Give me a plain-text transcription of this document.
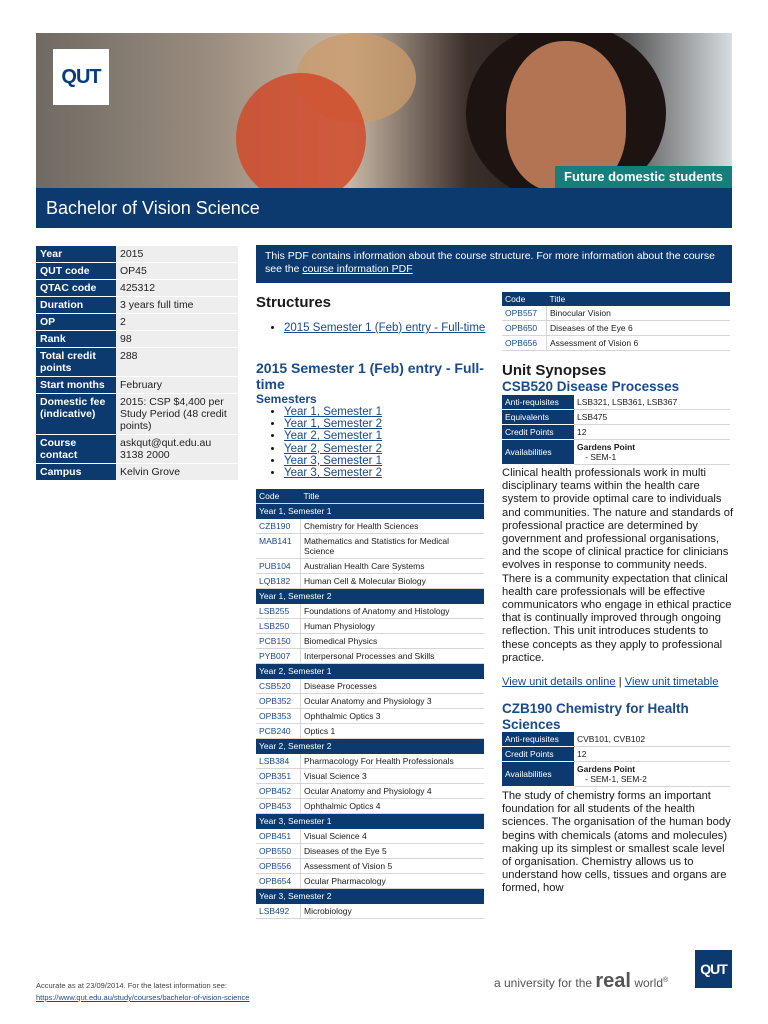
QUT
Future domestic students
Bachelor of Vision Science
Year	2015
QUT code	OP45
QTAC code	425312
Duration	3 years full time
OP	2
Rank	98
Total credit points	288
Start months	February
Domestic fee (indicative)	2015: CSP $4,400 per Study Period (48 credit points)
Course contact	askqut@qut.edu.au 3138 2000
Campus	Kelvin Grove
This PDF contains information about the course structure. For more information about the course see the course information PDF
Structures
• 2015 Semester 1 (Feb) entry - Full-time
2015 Semester 1 (Feb) entry - Full-time
Semesters
• Year 1, Semester 1
• Year 1, Semester 2
• Year 2, Semester 1
• Year 2, Semester 2
• Year 3, Semester 1
• Year 3, Semester 2
Code	Title
Year 1, Semester 1	
CZB190	Chemistry for Health Sciences
MAB141	Mathematics and Statistics for Medical Science
PUB104	Australian Health Care Systems
LQB182	Human Cell & Molecular Biology
Year 1, Semester 2	
LSB255	Foundations of Anatomy and Histology
LSB250	Human Physiology
PCB150	Biomedical Physics
PYB007	Interpersonal Processes and Skills
Year 2, Semester 1	
CSB520	Disease Processes
OPB352	Ocular Anatomy and Physiology 3
OPB353	Ophthalmic Optics 3
PCB240	Optics 1
Year 2, Semester 2	
LSB384	Pharmacology For Health Professionals
OPB351	Visual Science 3
OPB452	Ocular Anatomy and Physiology 4
OPB453	Ophthalmic Optics 4
Year 3, Semester 1	
OPB451	Visual Science 4
OPB550	Diseases of the Eye 5
OPB556	Assessment of Vision 5
OPB654	Ocular Pharmacology
Year 3, Semester 2	
LSB492	Microbiology
Code	Title
OPB557	Binocular Vision
OPB650	Diseases of the Eye 6
OPB656	Assessment of Vision 6
Unit Synopses
CSB520 Disease Processes
Anti-requisites	LSB321, LSB361, LSB367
Equivalents	LSB475
Credit Points	12
Availabilities	Gardens Point
- SEM-1

Clinical health professionals work in multi disciplinary teams within the health care system to provide optimal care to individuals and communities. The nature and standards of professional practice are determined by government and professional organisations, and the scope of clinical practice for clinicians evolves in response to community needs. There is a community expectation that clinical health care professionals will be effective communicators who engage in ethical practice that is continually improved through ongoing reflection. This unit introduces students to these concepts as they apply to professional practice.

View unit details online | View unit timetable
CZB190 Chemistry for Health Sciences
Anti-requisites	CVB101, CVB102
Credit Points	12
Availabilities	Gardens Point
- SEM-1, SEM-2

The study of chemistry forms an important foundation for all students of the health sciences. The organisation of the human body begins with chemicals (atoms and molecules) making up its simplest or smallest scale level of organisation. Chemistry allows us to understand how cells, tissues and organs are formed, how

Accurate as at 23/09/2014. For the latest information see:
https://www.qut.edu.au/study/courses/bachelor-of-vision-science
a university for the real world®
QUT
